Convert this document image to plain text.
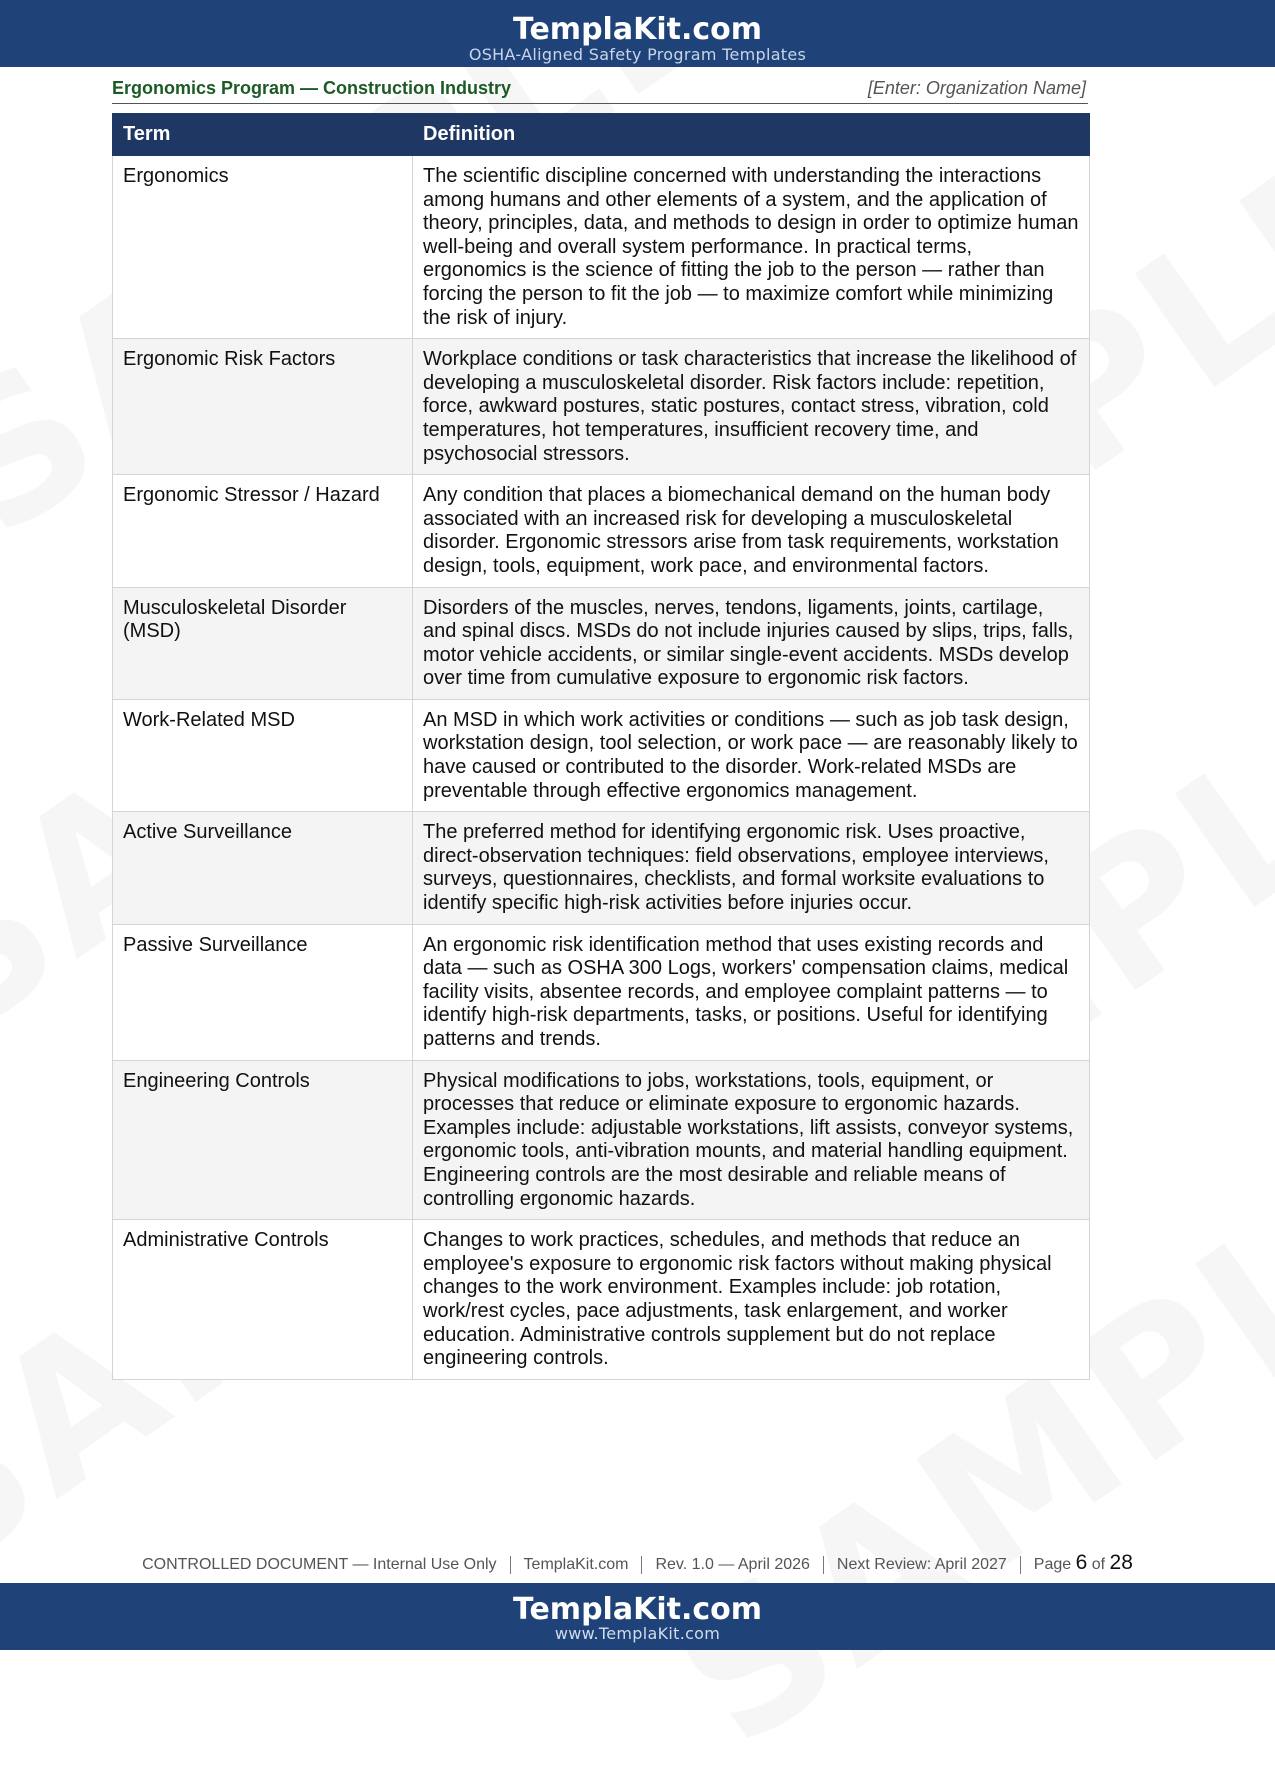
TemplaKit.com
OSHA-Aligned Safety Program Templates
Ergonomics Program — Construction Industry	[Enter: Organization Name]
Term	Definition
Ergonomics	The scientific discipline concerned with understanding the interactions among humans and other elements of a system, and the application of theory, principles, data, and methods to design in order to optimize human well-being and overall system performance. In practical terms, ergonomics is the science of fitting the job to the person — rather than forcing the person to fit the job — to maximize comfort while minimizing the risk of injury.
Ergonomic Risk Factors	Workplace conditions or task characteristics that increase the likelihood of developing a musculoskeletal disorder. Risk factors include: repetition, force, awkward postures, static postures, contact stress, vibration, cold temperatures, hot temperatures, insufficient recovery time, and psychosocial stressors.
Ergonomic Stressor / Hazard	Any condition that places a biomechanical demand on the human body associated with an increased risk for developing a musculoskeletal disorder. Ergonomic stressors arise from task requirements, workstation design, tools, equipment, work pace, and environmental factors.
Musculoskeletal Disorder (MSD)	Disorders of the muscles, nerves, tendons, ligaments, joints, cartilage, and spinal discs. MSDs do not include injuries caused by slips, trips, falls, motor vehicle accidents, or similar single-event accidents. MSDs develop over time from cumulative exposure to ergonomic risk factors.
Work-Related MSD	An MSD in which work activities or conditions — such as job task design, workstation design, tool selection, or work pace — are reasonably likely to have caused or contributed to the disorder. Work-related MSDs are preventable through effective ergonomics management.
Active Surveillance	The preferred method for identifying ergonomic risk. Uses proactive, direct-observation techniques: field observations, employee interviews, surveys, questionnaires, checklists, and formal worksite evaluations to identify specific high-risk activities before injuries occur.
Passive Surveillance	An ergonomic risk identification method that uses existing records and data — such as OSHA 300 Logs, workers' compensation claims, medical facility visits, absentee records, and employee complaint patterns — to identify high-risk departments, tasks, or positions. Useful for identifying patterns and trends.
Engineering Controls	Physical modifications to jobs, workstations, tools, equipment, or processes that reduce or eliminate exposure to ergonomic hazards. Examples include: adjustable workstations, lift assists, conveyor systems, ergonomic tools, anti-vibration mounts, and material handling equipment. Engineering controls are the most desirable and reliable means of controlling ergonomic hazards.
Administrative Controls	Changes to work practices, schedules, and methods that reduce an employee's exposure to ergonomic risk factors without making physical changes to the work environment. Examples include: job rotation, work/rest cycles, pace adjustments, task enlargement, and worker education. Administrative controls supplement but do not replace engineering controls.
CONTROLLED DOCUMENT — Internal Use Only TemplaKit.com Rev. 1.0 — April 2026 Next Review: April 2027 Page 6 of 28
TemplaKit.com
www.TemplaKit.com
